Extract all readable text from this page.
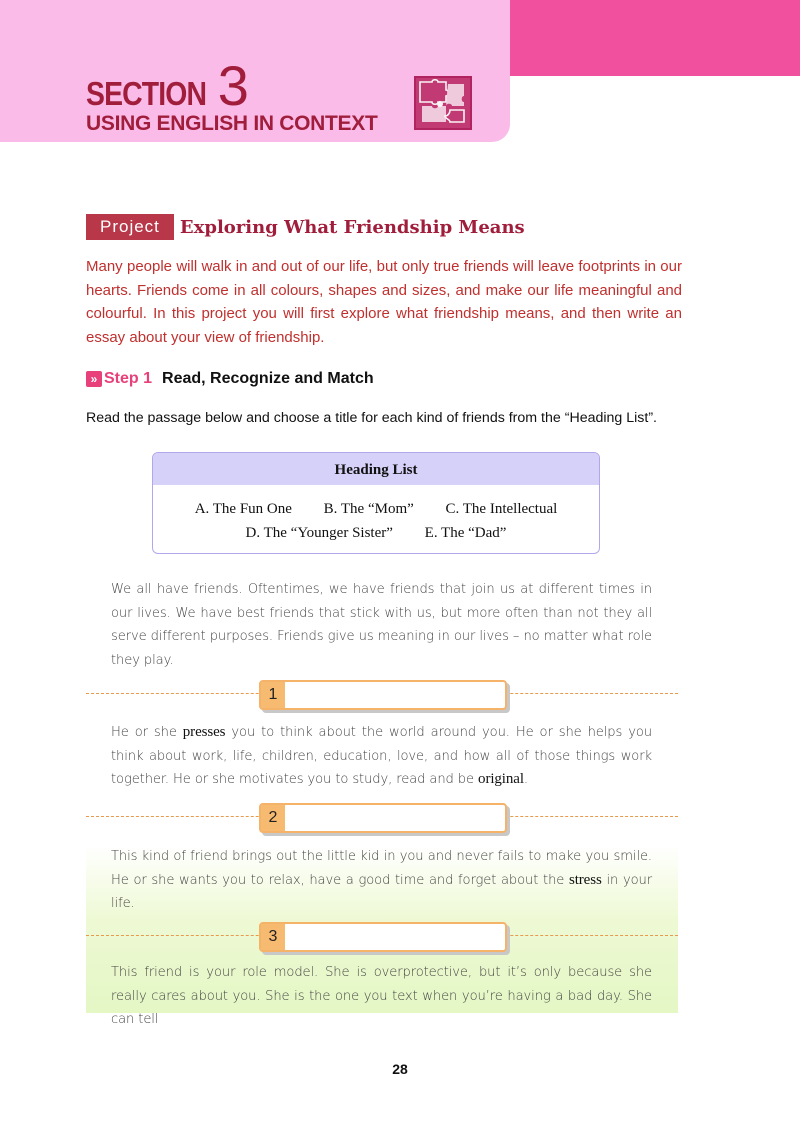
SECTION 3
USING ENGLISH IN CONTEXT
Project	Exploring What Friendship Means

Many people will walk in and out of our life, but only true friends will leave footprints in our hearts. Friends come in all colours, shapes and sizes, and make our life meaningful and colourful. In this project you will first explore what friendship means, and then write an essay about your view of friendship.

» Step 1 Read, Recognize and Match

Read the passage below and choose a title for each kind of friends from the “Heading List”.

Heading List
A. The Fun One B. The “Mom” C. The Intellectual
D. The “Younger Sister” E. The “Dad”

We all have friends. Oftentimes, we have friends that join us at different times in our lives. We have best friends that stick with us, but more often than not they all serve different purposes. Friends give us meaning in our lives – no matter what role they play.

1

He or she presses you to think about the world around you. He or she helps you think about work, life, children, education, love, and how all of those things work together. He or she motivates you to study, read and be original.

2

This kind of friend brings out the little kid in you and never fails to make you smile. He or she wants you to relax, have a good time and forget about the stress in your life.

3

This friend is your role model. She is overprotective, but it’s only because she really cares about you. She is the one you text when you’re having a bad day. She can tell

28
